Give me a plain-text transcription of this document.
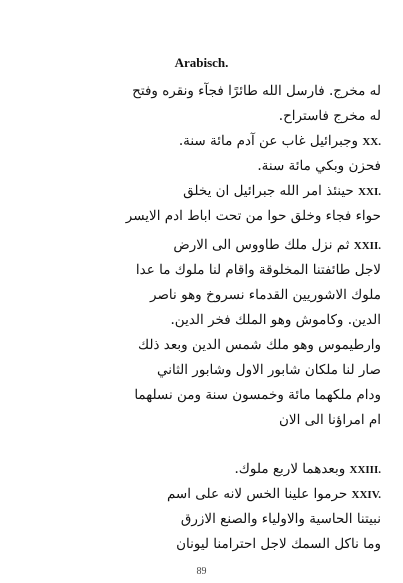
Arabisch.
له مخرج. فارسل الله طائرًا فجآء ونقره وفتح
له مخرج فاستراح.
XX. وجبرائيل غاب عن آدم مائة سنة.
فحزن وبكي مائة سنة.
XXI. حينئذ امر الله جبرائيل ان يخلق
حواء فجاء وخلق حوا من تحت اباط ادم الايسر
XXII. ثم نزل ملك طاووس الى الارض
لاجل طائفتنا المخلوقة واقام لنا ملوك ما عدا
ملوك الاشوريين القدماء نسروخ وهو ناصر
الدين. وكاموش وهو الملك فخر الدين.
وارطيموس وهو ملك شمس الدين وبعد ذلك
صار لنا ملكان شابور الاول وشابور الثاني
ودام ملكهما مائة وخمسون سنة ومن نسلهما
ام امراؤنا الى الان
XXIII. وبعدهما لاربع ملوك.
XXIV. حرموا علينا الخس لانه على اسم
نبيتنا الحاسية والاولياء والصنع الازرق
وما ناكل السمك لاجل احترامنا ليونان
89
